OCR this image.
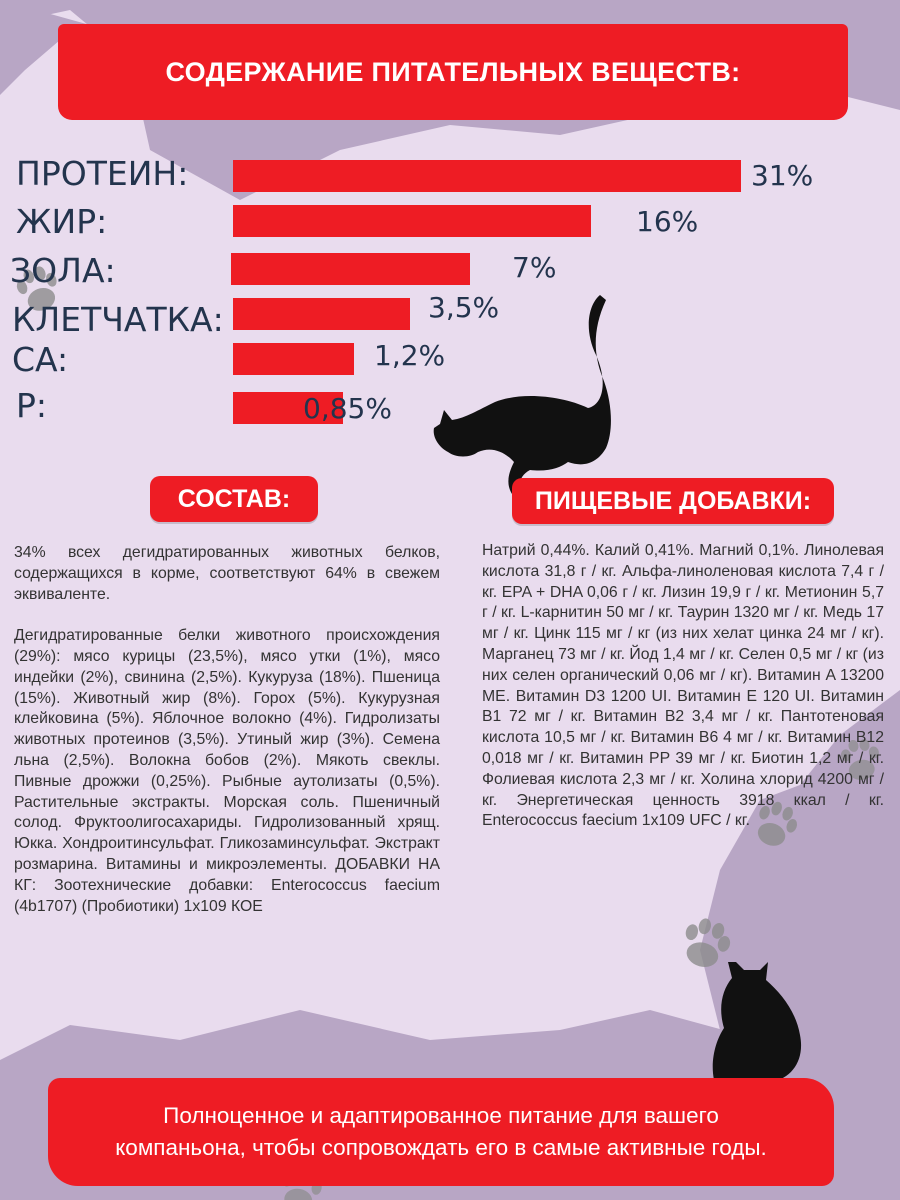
СОДЕРЖАНИЕ ПИТАТЕЛЬНЫХ ВЕЩЕСТВ:
ПРОТЕИН:
ЖИР:
ЗОЛА:
КЛЕТЧАТКА:
CA:
P:
31%
16%
7%
3,5%
1,2%
0,85%
СОСТАВ:	ПИЩЕВЫЕ ДОБАВКИ:

34% всех дегидратированных животных белков, содержащихся в корме, соответствуют 64% в свежем эквиваленте.

Дегидратированные белки животного происхождения (29%): мясо курицы (23,5%), мясо утки (1%), мясо индейки (2%), свинина (2,5%). Кукуруза (18%). Пшеница (15%). Животный жир (8%). Горох (5%). Кукурузная клейковина (5%). Яблочное волокно (4%). Гидролизаты животных протеинов (3,5%). Утиный жир (3%). Семена льна (2,5%). Волокна бобов (2%). Мякоть свеклы. Пивные дрожжи (0,25%). Рыбные аутолизаты (0,5%). Растительные экстракты. Морская соль. Пшеничный солод. Фруктоолигосахариды. Гидролизованный хрящ. Юкка. Хондроитинсульфат. Гликозаминсульфат. Экстракт розмарина. Витамины и микроэлементы. ДОБАВКИ НА КГ: Зоотехнические добавки: Enterococcus faecium (4b1707) (Пробиотики) 1x109 КОЕ

Натрий 0,44%. Калий 0,41%. Магний 0,1%. Линолевая кислота 31,8 г / кг. Альфа-линоленовая кислота 7,4 г / кг. EPA + DHA 0,06 г / кг. Лизин 19,9 г / кг. Метионин 5,7 г / кг. L-карнитин 50 мг / кг. Таурин 1320 мг / кг. Медь 17 мг / кг. Цинк 115 мг / кг (из них хелат цинка 24 мг / кг). Марганец 73 мг / кг. Йод 1,4 мг / кг. Селен 0,5 мг / кг (из них селен органический 0,06 мг / кг). Витамин A 13200 МЕ. Витамин D3 1200 UI. Витамин E 120 UI. Витамин B1 72 мг / кг. Витамин B2 3,4 мг / кг. Пантотеновая кислота 10,5 мг / кг. Витамин B6 4 мг / кг. Витамин B12 0,018 мг / кг. Витамин PP 39 мг / кг. Биотин 1,2 мг / кг. Фолиевая кислота 2,3 мг / кг. Холина хлорид 4200 мг / кг. Энергетическая ценность 3918 ккал / кг. Enterococcus faecium 1x109 UFC / кг.

Полноценное и адаптированное питание для вашего
компаньона, чтобы сопровождать его в самые активные годы.
